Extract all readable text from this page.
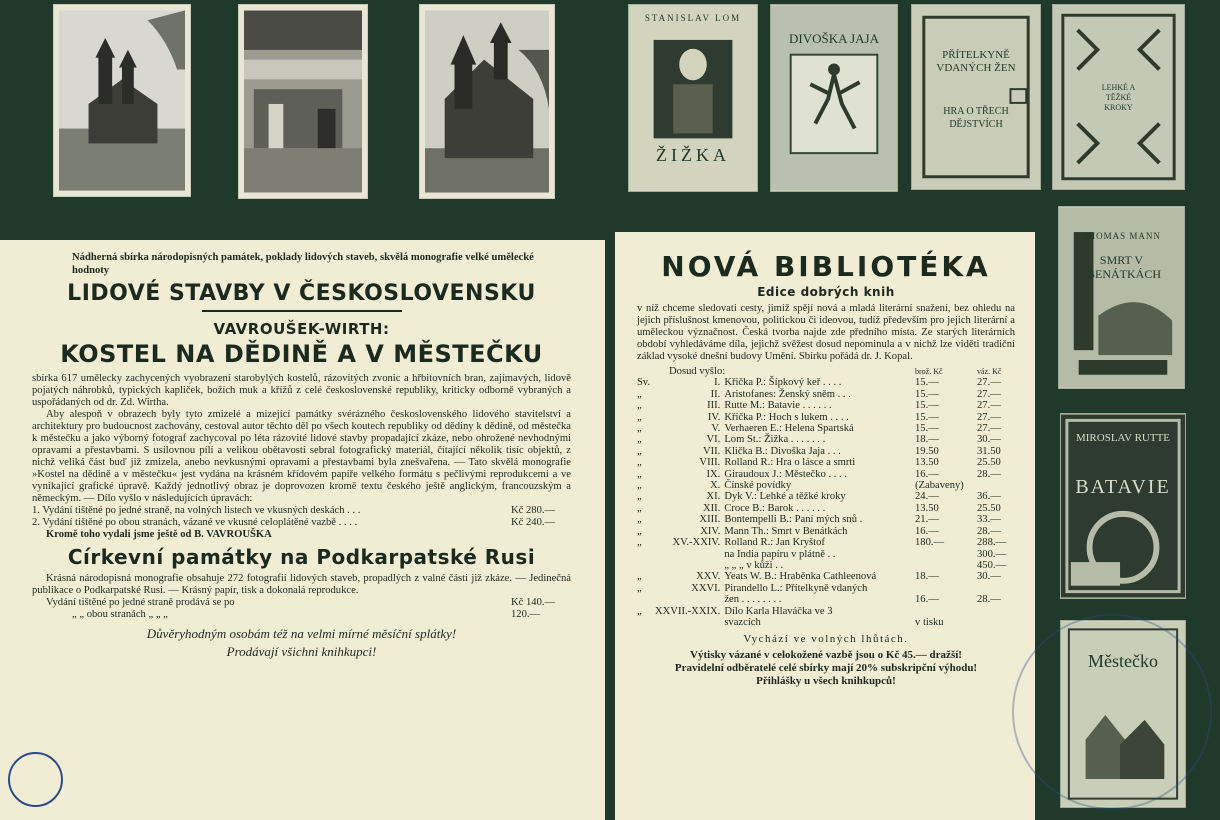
STANISLAV LOM
ŽIŽKA
DIVOŠKA JAJA
PŘÍTELKYNĚ VDANÝCH ŽEN
HRA O TŘECH DĚJSTVÍCH
LEHKÉ A TĚŽKÉ KROKY
THOMAS MANN
SMRT V BENÁTKÁCH
MIROSLAV RUTTE
BATAVIE
Městečko
Nádherná sbírka národopisných památek, poklady lidových staveb, skvělá monografie velké umělecké hodnoty
LIDOVÉ STAVBY V ČESKOSLOVENSKU
VAVROUŠEK-WIRTH:
KOSTEL NA DĚDINĚ A V MĚSTEČKU
sbírka 617 umělecky zachycených vyobrazení starobylých kostelů, rázovitých zvonic a hřbitovních bran, zajímavých, lidově pojatých náhrobků, typických kapliček, božích muk a křížů z celé československé republiky, kriticky odborně vybraných a uspořádaných od dr. Zd. Wirtha.
Aby alespoň v obrazech byly tyto zmizelé a mizející památky svérázného československého lidového stavitelství a architektury pro budoucnost zachovány, cestoval autor těchto děl po všech koutech republiky od dědiny k dědině, od městečka k městečku a jako výborný fotograf zachycoval po léta rázovité lidové stavby propadající zkáze, nebo ohrožené nevhodnými opravami a přestavbami. S usilovnou pílí a velikou obětavostí sebral fotografický materiál, čítající několik tisíc objektů, z nichž veliká část buď již zmizela, anebo nevkusnými opravami a přestavbami byla znešvařena. — Tato skvělá monografie »Kostel na dědině a v městečku« jest vydána na krásném křídovém papíře velkého formátu s pečlivými reprodukcemi a ve vynikající grafické úpravě. Každý jednotlivý obraz je doprovozen kromě textu českého ještě anglickým, francouzským a německým. — Dílo vyšlo v následujících úpravách:
1. Vydání tištěné po jedné straně, na volných listech ve vkusných deskách . . .	Kč 280.—
2. Vydání tištěné po obou stranách, vázané ve vkusné celoplátěné vazbě . . . .	Kč 240.—
Kromě toho vydali jsme ještě od B. VAVROUŠKA
Církevní památky na Podkarpatské Rusi
Krásná národopisná monografie obsahuje 272 fotografií lidových staveb, propadlých z valné části již zkáze. — Jedinečná publikace o Podkarpatské Rusi. — Krásný papír, tisk a dokonalá reprodukce.
Vydání tištěné po jedné straně prodává se po	Kč 140.—
„ „ obou stranách „ „ „	120.—
Důvěryhodným osobám též na velmi mírné měsíční splátky!
Prodávají všichni knihkupci!
NOVÁ BIBLIOTÉKA
Edice dobrých knih
v níž chceme sledovati cesty, jimiž spějí nová a mladá literární snažení, bez ohledu na jejich příslušnost kmenovou, politickou či ideovou, tudíž především pro jejich literární a uměleckou význačnost. Česká tvorba najde zde předního místa. Ze starých literárních období vyhledáváme díla, jejichž svěžest dosud nepominula a v nichž lze viděti tradiční základ vysoké dnešní budovy Umění. Sbírku pořádá dr. J. Kopal.
Dosud vyšlo:			brož. Kč	váz. Kč
Sv.	I.	Křička P.: Šípkový keř . . . .	15.—	27.—
„	II.	Aristofanes: Ženský sněm . . .	15.—	27.—
„	III.	Rutte M.: Batavie . . . . . .	15.—	27.—
„	IV.	Křička P.: Hoch s lukem . . . .	15.—	27.—
„	V.	Verhaeren E.: Helena Spartská	15.—	27.—
„	VI.	Lom St.: Žižka . . . . . . .	18.—	30.—
„	VII.	Klička B.: Divoška Jaja . . .	19.50	31.50
„	VIII.	Rolland R.: Hra o lásce a smrti	13.50	25.50
„	IX.	Giraudoux J.: Městečko . . . .	16.—	28.—
„	X.	Čínské povídky	(Zabaveny)	
„	XI.	Dyk V.: Lehké a těžké kroky	24.—	36.—
„	XII.	Croce B.: Barok . . . . . .	13.50	25.50
„	XIII.	Bontempelli B.: Paní mých snů .	21.—	33.—
„	XIV.	Mann Th.: Smrt v Benátkách	16.—	28.—
„	XV.-XXIV.	Rolland R.: Jan Kryštof	180.—	288.—
		na India papíru v plátně . .		300.—
		„ „ „ v kůži . .		450.—
„	XXV.	Yeats W. B.: Hraběnka Cathleenová	18.—	30.—
„	XXVI.	Pirandello L.: Přítelkyně vdaných		
		žen . . . . . . . .	16.—	28.—
„	XXVII.-XXIX.	Dílo Karla Hlaváčka ve 3		
		svazcích	v tisku	
Vychází ve volných lhůtách.
Výtisky vázané v celokožené vazbě jsou o Kč 45.— dražší!
Pravidelní odběratelé celé sbírky mají 20% subskripční výhodu!
Přihlášky u všech knihkupců!
